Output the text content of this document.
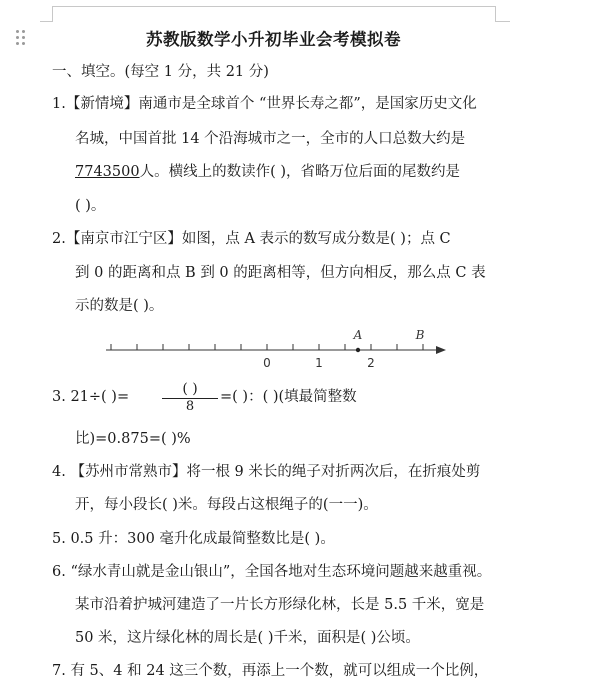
苏教版数学小升初毕业会考模拟卷
一、填空。(每空 1 分，共 21 分)
1.【新情境】南通市是全球首个 “世界长寿之都”，是国家历史文化
名城，中国首批 14 个沿海城市之一，全市的人口总数大约是
7743500人。横线上的数读作( )，省略万位后面的尾数约是
( )。
2.【南京市江宁区】如图，点 A 表示的数写成分数是( )；点 C
到 0 的距离和点 B 到 0 的距离相等，但方向相反，那么点 C 表
示的数是( )。
A	B
0	1	2
3. 21÷( )=	( )
8
=( )：( )(填最简整数
比)=0.875=( )%
4. 【苏州市常熟市】将一根 9 米长的绳子对折两次后，在折痕处剪
开，每小段长( )米。每段占这根绳子的(一一)。
5. 0.5 升：300 毫升化成最简整数比是( )。
6. “绿水青山就是金山银山”，全国各地对生态环境问题越来越重视。
某市沿着护城河建造了一片长方形绿化林，长是 5.5 千米，宽是
50 米，这片绿化林的周长是( )千米，面积是( )公顷。
7. 有 5、4 和 24 这三个数，再添上一个数，就可以组成一个比例，
